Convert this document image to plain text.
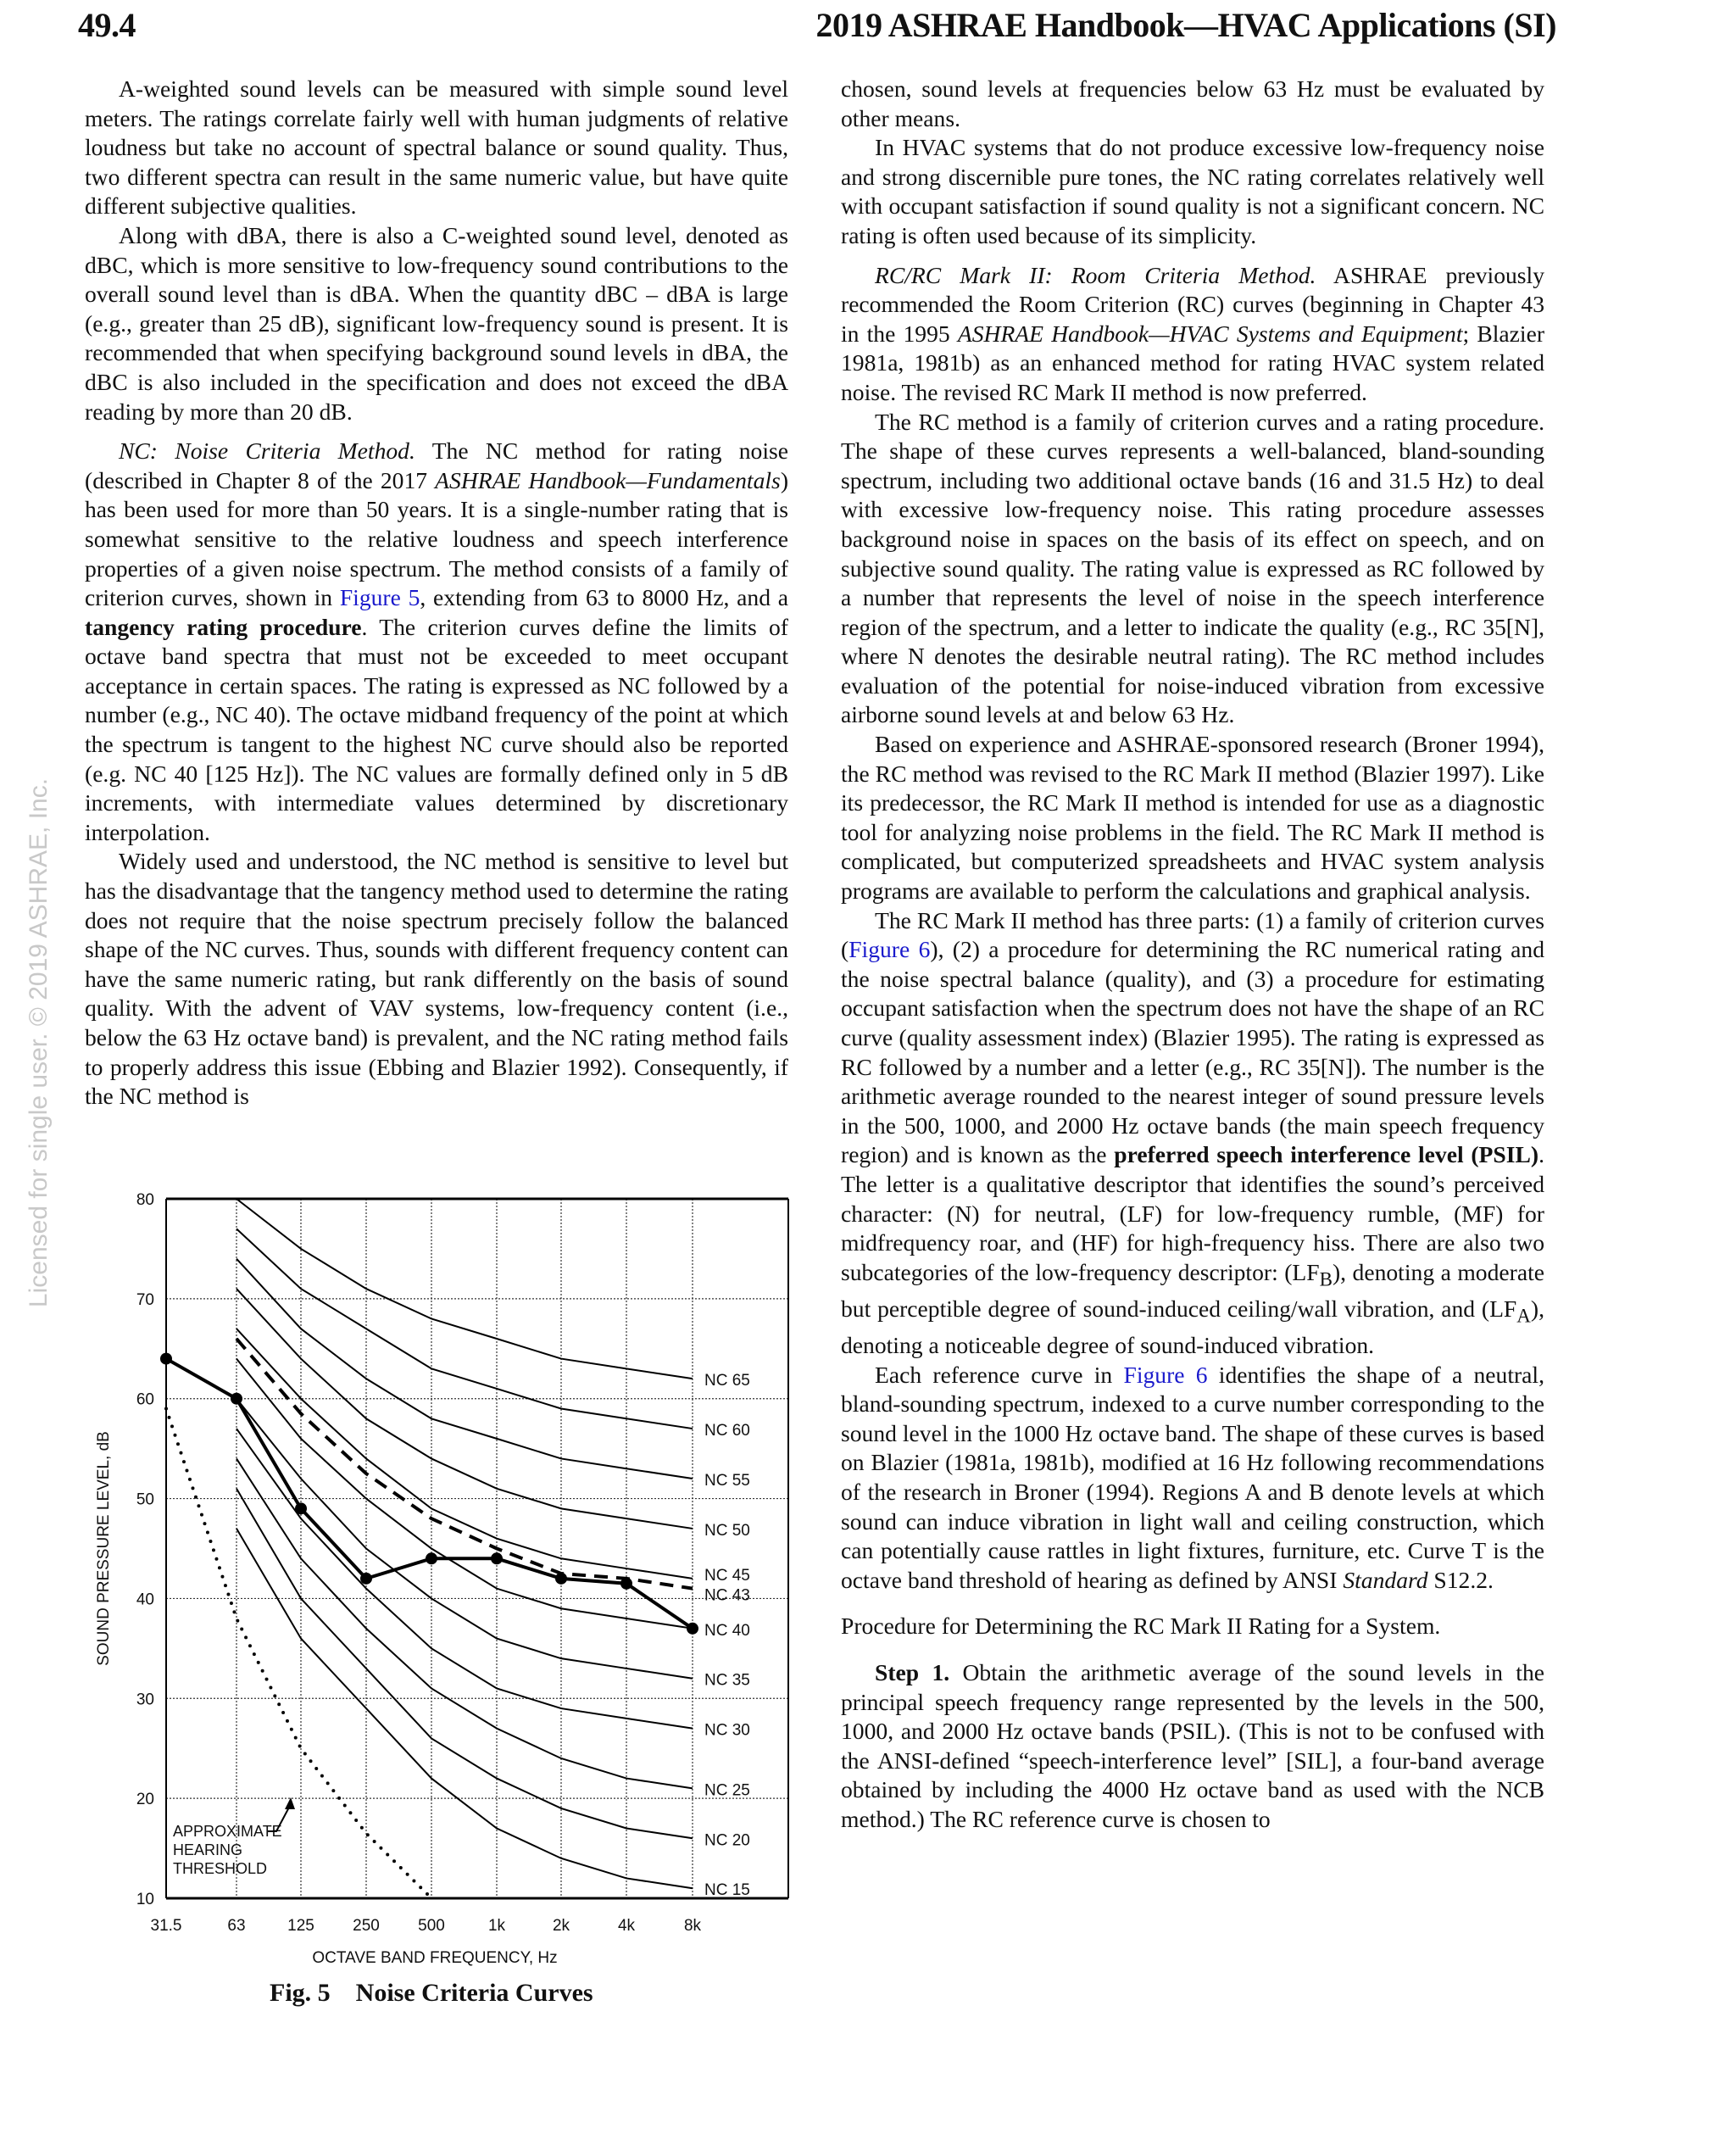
49.4	2019 ASHRAE Handbook—HVAC Applications (SI)
Licensed for single user. © 2019 ASHRAE, Inc.

A-weighted sound levels can be measured with simple sound level meters. The ratings correlate fairly well with human judgments of relative loudness but take no account of spectral balance or sound quality. Thus, two different spectra can result in the same numeric value, but have quite different subjective qualities.

Along with dBA, there is also a C-weighted sound level, denoted as dBC, which is more sensitive to low-frequency sound contributions to the overall sound level than is dBA. When the quantity dBC – dBA is large (e.g., greater than 25 dB), significant low-frequency sound is present. It is recommended that when specifying background sound levels in dBA, the dBC is also included in the specification and does not exceed the dBA reading by more than 20 dB.

NC: Noise Criteria Method. The NC method for rating noise (described in Chapter 8 of the 2017 ASHRAE Handbook—Fundamentals) has been used for more than 50 years. It is a single-number rating that is somewhat sensitive to the relative loudness and speech interference properties of a given noise spectrum. The method consists of a family of criterion curves, shown in Figure 5, extending from 63 to 8000 Hz, and a tangency rating procedure. The criterion curves define the limits of octave band spectra that must not be exceeded to meet occupant acceptance in certain spaces. The rating is expressed as NC followed by a number (e.g., NC 40). The octave midband frequency of the point at which the spectrum is tangent to the highest NC curve should also be reported (e.g. NC 40 [125 Hz]). The NC values are formally defined only in 5 dB increments, with intermediate values determined by discretionary interpolation.

Widely used and understood, the NC method is sensitive to level but has the disadvantage that the tangency method used to determine the rating does not require that the noise spectrum precisely follow the balanced shape of the NC curves. Thus, sounds with different frequency content can have the same numeric rating, but rank differently on the basis of sound quality. With the advent of VAV systems, low-frequency content (i.e., below the 63 Hz octave band) is prevalent, and the NC rating method fails to properly address this issue (Ebbing and Blazier 1992). Consequently, if the NC method is

chosen, sound levels at frequencies below 63 Hz must be evaluated by other means.

In HVAC systems that do not produce excessive low-frequency noise and strong discernible pure tones, the NC rating correlates relatively well with occupant satisfaction if sound quality is not a significant concern. NC rating is often used because of its simplicity.

RC/RC Mark II: Room Criteria Method. ASHRAE previously recommended the Room Criterion (RC) curves (beginning in Chapter 43 in the 1995 ASHRAE Handbook—HVAC Systems and Equipment; Blazier 1981a, 1981b) as an enhanced method for rating HVAC system related noise. The revised RC Mark II method is now preferred.

The RC method is a family of criterion curves and a rating procedure. The shape of these curves represents a well-balanced, bland-sounding spectrum, including two additional octave bands (16 and 31.5 Hz) to deal with excessive low-frequency noise. This rating procedure assesses background noise in spaces on the basis of its effect on speech, and on subjective sound quality. The rating value is expressed as RC followed by a number that represents the level of noise in the speech interference region of the spectrum, and a letter to indicate the quality (e.g., RC 35[N], where N denotes the desirable neutral rating). The RC method includes evaluation of the potential for noise-induced vibration from excessive airborne sound levels at and below 63 Hz.

Based on experience and ASHRAE-sponsored research (Broner 1994), the RC method was revised to the RC Mark II method (Blazier 1997). Like its predecessor, the RC Mark II method is intended for use as a diagnostic tool for analyzing noise problems in the field. The RC Mark II method is complicated, but computerized spreadsheets and HVAC system analysis programs are available to perform the calculations and graphical analysis.

The RC Mark II method has three parts: (1) a family of criterion curves (Figure 6), (2) a procedure for determining the RC numerical rating and the noise spectral balance (quality), and (3) a procedure for estimating occupant satisfaction when the spectrum does not have the shape of an RC curve (quality assessment index) (Blazier 1995). The rating is expressed as RC followed by a number and a letter (e.g., RC 35[N]). The number is the arithmetic average rounded to the nearest integer of sound pressure levels in the 500, 1000, and 2000 Hz octave bands (the main speech frequency region) and is known as the preferred speech interference level (PSIL). The letter is a qualitative descriptor that identifies the sound’s perceived character: (N) for neutral, (LF) for low-frequency rumble, (MF) for midfrequency roar, and (HF) for high-frequency hiss. There are also two subcategories of the low-frequency descriptor: $(LF_B)$, denoting a moderate but perceptible degree of sound-induced ceiling/wall vibration, and $(LF_A)$, denoting a noticeable degree of sound-induced vibration.

Each reference curve in Figure 6 identifies the shape of a neutral, bland-sounding spectrum, indexed to a curve number corresponding to the sound level in the 1000 Hz octave band. The shape of these curves is based on Blazier (1981a, 1981b), modified at 16 Hz following recommendations of the research in Broner (1994). Regions A and B denote levels at which sound can induce vibration in light wall and ceiling construction, which can potentially cause rattles in light fixtures, furniture, etc. Curve T is the octave band threshold of hearing as defined by ANSI Standard S12.2.

Procedure for Determining the RC Mark II Rating for a System.

Step 1. Obtain the arithmetic average of the sound levels in the principal speech frequency range represented by the levels in the 500, 1000, and 2000 Hz octave bands (PSIL). (This is not to be confused with the ANSI-defined “speech-interference level” [SIL], a four-band average obtained by including the 4000 Hz octave band as used with the NCB method.) The RC reference curve is chosen to

10
20
30
40
50
60
70
80
31.5	63	125 250 500	1k	2k	4k	8k
OCTAVE BAND FREQUENCY, Hz
SOUND PRESSURE LEVEL, dB
NC 65
NC 60
NC 55
NC 50
NC 45
NC 43
NC 40
NC 35
NC 30
NC 25
NC 20
NC 15
APPROXIMATE
HEARING
THRESHOLD
Fig. 5    Noise Criteria Curves
